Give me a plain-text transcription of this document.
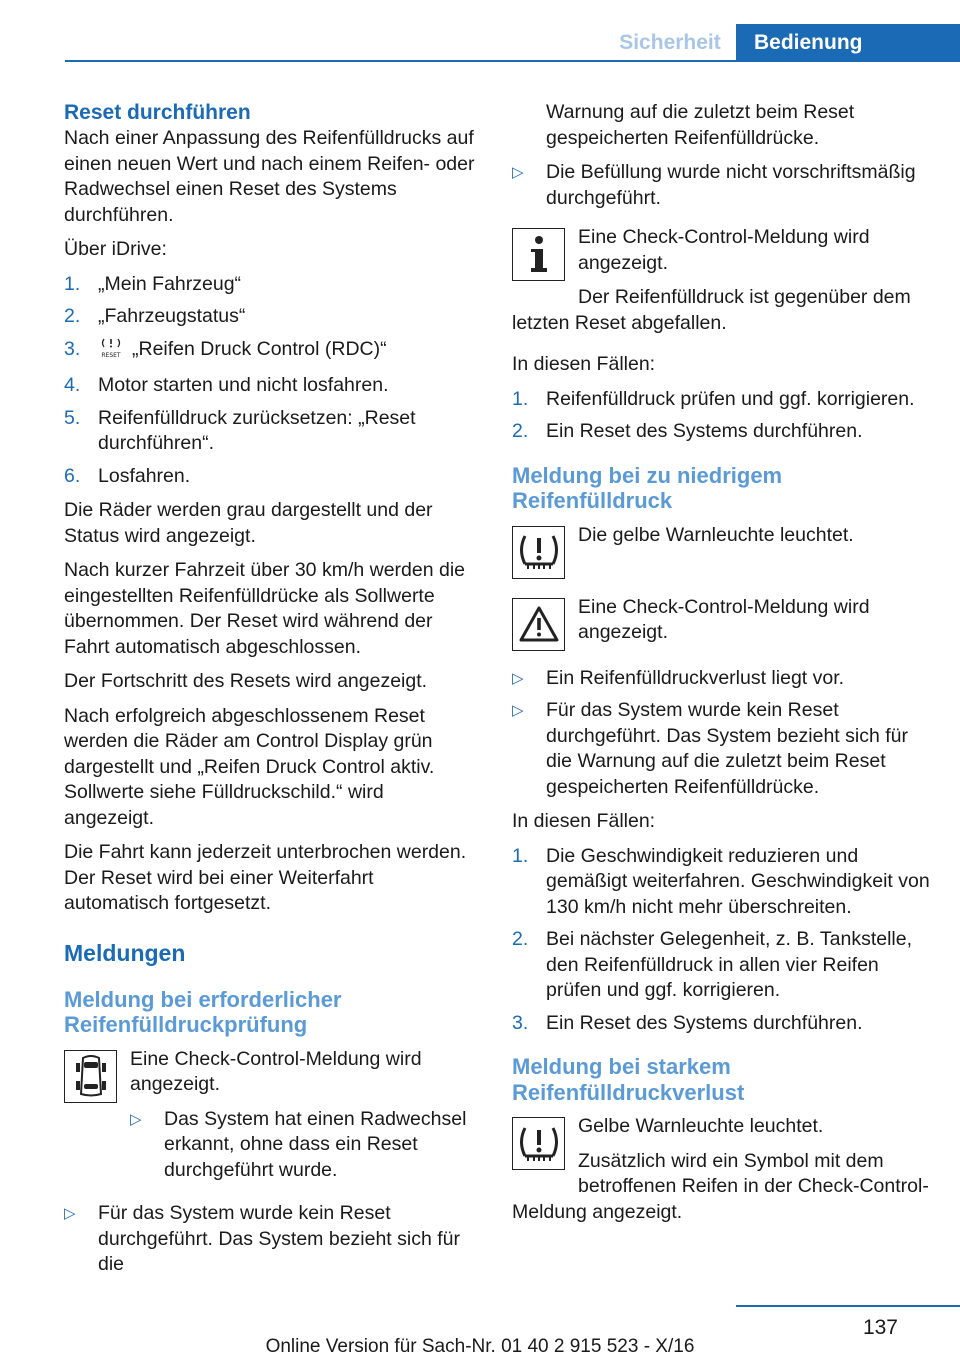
Sicherheit	Bedienung
Reset durchführen

Nach einer Anpassung des Reifenfülldrucks auf einen neuen Wert und nach einem Reifen- oder Radwechsel einen Reset des Systems durchführen.

Über iDrive:

1. „Mein Fahrzeug“
2. „Fahrzeugstatus“
3.	RESET „Reifen Druck Control (RDC)“
4. Motor starten und nicht losfahren.
5. Reifenfülldruck zurücksetzen: „Reset durchführen“.
6. Losfahren.

Die Räder werden grau dargestellt und der Status wird angezeigt.

Nach kurzer Fahrzeit über 30 km/h werden die eingestellten Reifenfülldrücke als Sollwerte übernommen. Der Reset wird während der Fahrt automatisch abgeschlossen.

Der Fortschritt des Resets wird angezeigt.

Nach erfolgreich abgeschlossenem Reset werden die Räder am Control Display grün dargestellt und „Reifen Druck Control aktiv. Sollwerte siehe Fülldruckschild.“ wird angezeigt.

Die Fahrt kann jederzeit unterbrochen werden. Der Reset wird bei einer Weiterfahrt automatisch fortgesetzt.

Meldungen
Meldung bei erforderlicher Reifenfülldruckprüfung

Eine Check-Control-Meldung wird angezeigt.

▷	Das System hat einen Radwechsel erkannt, ohne dass ein Reset durchgeführt wurde.
▷	Für das System wurde kein Reset durchgeführt. Das System bezieht sich für die

Warnung auf die zuletzt beim Reset gespeicherten Reifenfülldrücke.

▷	Die Befüllung wurde nicht vorschriftsmäßig durchgeführt.

Eine Check-Control-Meldung wird angezeigt.

Der Reifenfülldruck ist gegenüber dem letzten Reset abgefallen.

In diesen Fällen:

1. Reifenfülldruck prüfen und ggf. korrigieren.
2. Ein Reset des Systems durchführen.
Meldung bei zu niedrigem Reifenfülldruck

Die gelbe Warnleuchte leuchtet.

Eine Check-Control-Meldung wird angezeigt.

▷	Ein Reifenfülldruckverlust liegt vor.
▷	Für das System wurde kein Reset durchgeführt. Das System bezieht sich für die Warnung auf die zuletzt beim Reset gespeicherten Reifenfülldrücke.

In diesen Fällen:

1. Die Geschwindigkeit reduzieren und gemäßigt weiterfahren. Geschwindigkeit von 130 km/h nicht mehr überschreiten.
2. Bei nächster Gelegenheit, z. B. Tankstelle, den Reifenfülldruck in allen vier Reifen prüfen und ggf. korrigieren.
3. Ein Reset des Systems durchführen.
Meldung bei starkem Reifenfülldruckverlust

Gelbe Warnleuchte leuchtet.

Zusätzlich wird ein Symbol mit dem betroffenen Reifen in der Check-Control-Meldung angezeigt.

137
Online Version für Sach-Nr. 01 40 2 915 523 - X/16
